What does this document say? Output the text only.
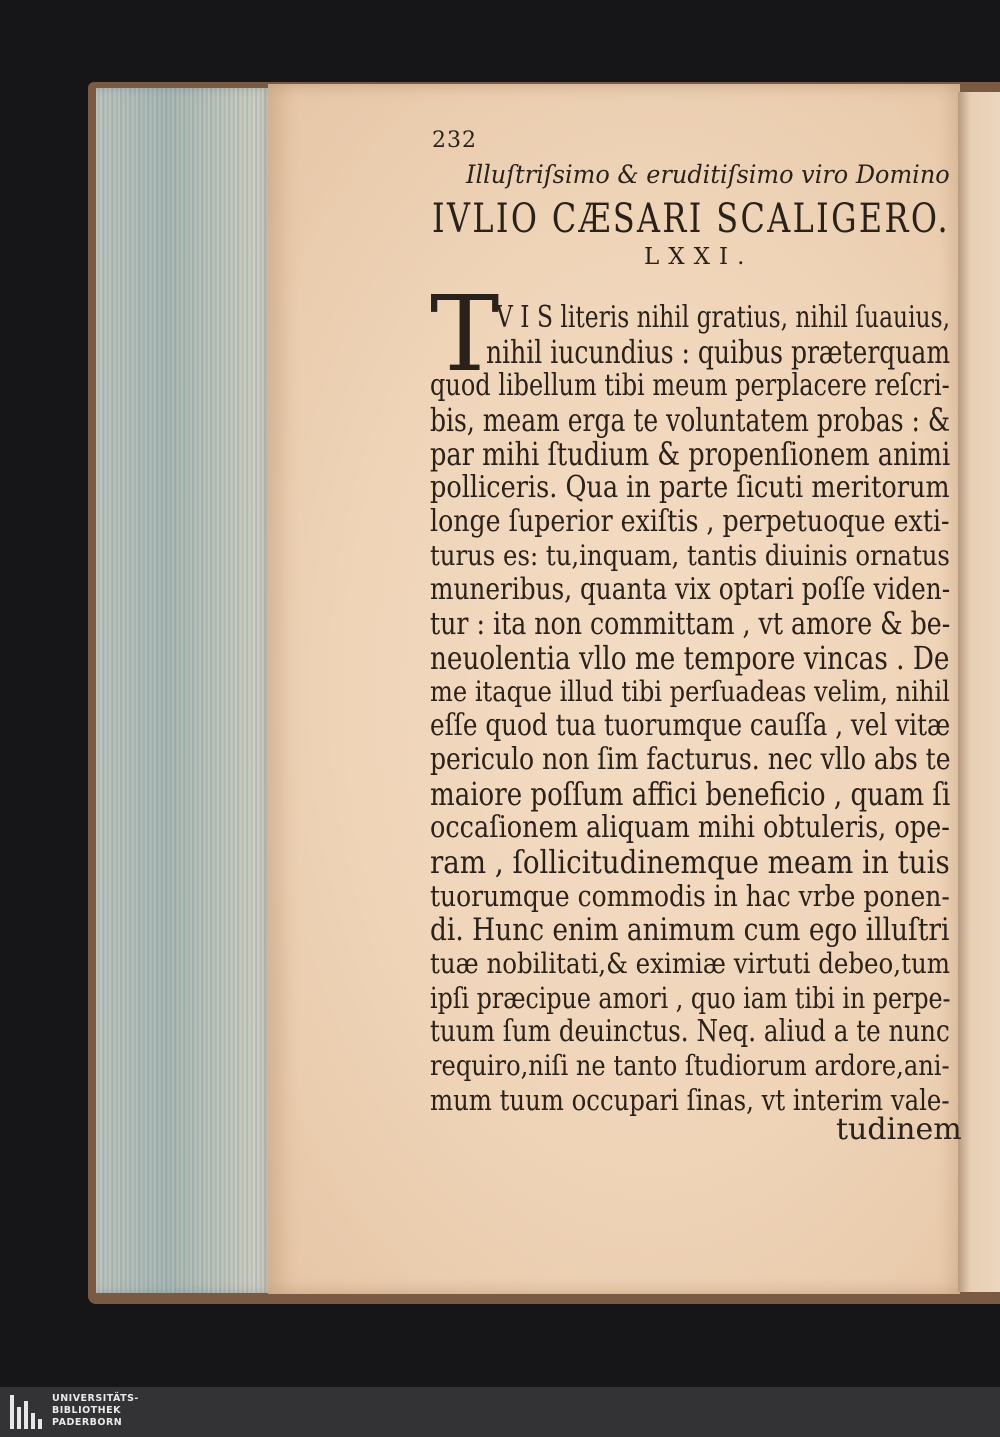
232
Illuſtriſsimo & eruditiſsimo viro Domino
IVLIO CÆSARI SCALIGERO.
LXXI.
T
V I S literis nihil gratius, nihil ſuauius,
nihil iucundius : quibus præterquam
quod libellum tibi meum perplacere reſcri-
bis, meam erga te voluntatem probas : &
par mihi ſtudium & propenſionem animi
polliceris. Qua in parte ſicuti meritorum
longe ſuperior exiſtis , perpetuoque exti-
turus es: tu,inquam, tantis diuinis ornatus
muneribus, quanta vix optari poſſe viden-
tur : ita non committam , vt amore & be-
neuolentia vllo me tempore vincas . De
me itaque illud tibi perſuadeas velim, nihil
eſſe quod tua tuorumque cauſſa , vel vitæ
periculo non ſim facturus. nec vllo abs te
maiore poſſum affici beneficio , quam ſi
occaſionem aliquam mihi obtuleris, ope-
ram , ſollicitudinemque meam in tuis
tuorumque commodis in hac vrbe ponen-
di. Hunc enim animum cum ego illuſtri
tuæ nobilitati,& eximiæ virtuti debeo,tum
ipſi præcipue amori , quo iam tibi in perpe-
tuum ſum deuinctus. Neq. aliud a te nunc
requiro,niſi ne tanto ſtudiorum ardore,ani-
mum tuum occupari ſinas, vt interim vale-
tudinem
UNIVERSITÄTS-
BIBLIOTHEK
PADERBORN
